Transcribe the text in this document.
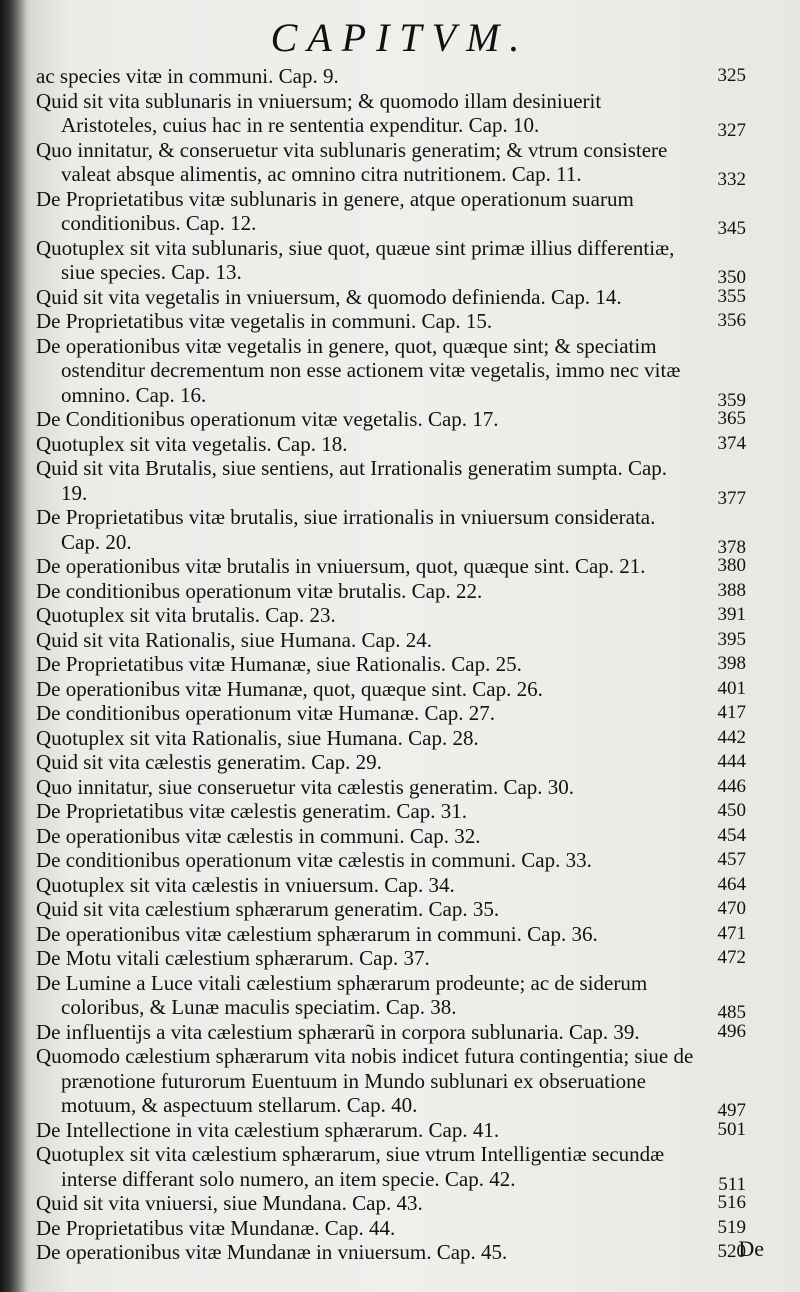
CAPITVM.
ac species vitæ in communi. Cap. 9.	325
Quid sit vita sublunaris in vniuersum; & quomodo illam desiniuerit Aristoteles, cuius hac in re sententia expenditur. Cap. 10.	327
Quo innitatur, & conseruetur vita sublunaris generatim; & vtrum consistere valeat absque alimentis, ac omnino citra nutritionem. Cap. 11.	332
De Proprietatibus vitæ sublunaris in genere, atque operationum suarum conditionibus. Cap. 12.	345
Quotuplex sit vita sublunaris, siue quot, quæue sint primæ illius differentiæ, siue species. Cap. 13.	350
Quid sit vita vegetalis in vniuersum, & quomodo definienda. Cap. 14.	355
De Proprietatibus vitæ vegetalis in communi. Cap. 15.	356
De operationibus vitæ vegetalis in genere, quot, quæque sint; & speciatim ostenditur decrementum non esse actionem vitæ vegetalis, immo nec vitæ omnino. Cap. 16.	359
De Conditionibus operationum vitæ vegetalis. Cap. 17.	365
Quotuplex sit vita vegetalis. Cap. 18.	374
Quid sit vita Brutalis, siue sentiens, aut Irrationalis generatim sumpta. Cap. 19.	377
De Proprietatibus vitæ brutalis, siue irrationalis in vniuersum considerata. Cap. 20.	378
De operationibus vitæ brutalis in vniuersum, quot, quæque sint. Cap. 21.	380
De conditionibus operationum vitæ brutalis. Cap. 22.	388
Quotuplex sit vita brutalis. Cap. 23.	391
Quid sit vita Rationalis, siue Humana. Cap. 24.	395
De Proprietatibus vitæ Humanæ, siue Rationalis. Cap. 25.	398
De operationibus vitæ Humanæ, quot, quæque sint. Cap. 26.	401
De conditionibus operationum vitæ Humanæ. Cap. 27.	417
Quotuplex sit vita Rationalis, siue Humana. Cap. 28.	442
Quid sit vita cælestis generatim. Cap. 29.	444
Quo innitatur, siue conseruetur vita cælestis generatim. Cap. 30.	446
De Proprietatibus vitæ cælestis generatim. Cap. 31.	450
De operationibus vitæ cælestis in communi. Cap. 32.	454
De conditionibus operationum vitæ cælestis in communi. Cap. 33.	457
Quotuplex sit vita cælestis in vniuersum. Cap. 34.	464
Quid sit vita cælestium sphærarum generatim. Cap. 35.	470
De operationibus vitæ cælestium sphærarum in communi. Cap. 36.	471
De Motu vitali cælestium sphærarum. Cap. 37.	472
De Lumine a Luce vitali cælestium sphærarum prodeunte; ac de siderum coloribus, & Lunæ maculis speciatim. Cap. 38.	485
De influentijs a vita cælestium sphærarũ in corpora sublunaria. Cap. 39.	496
Quomodo cælestium sphærarum vita nobis indicet futura contingentia; siue de prænotione futurorum Euentuum in Mundo sublunari ex obseruatione motuum, & aspectuum stellarum. Cap. 40.	497
De Intellectione in vita cælestium sphærarum. Cap. 41.	501
Quotuplex sit vita cælestium sphærarum, siue vtrum Intelligentiæ secundæ interse differant solo numero, an item specie. Cap. 42.	511
Quid sit vita vniuersi, siue Mundana. Cap. 43.	516
De Proprietatibus vitæ Mundanæ. Cap. 44.	519
De operationibus vitæ Mundanæ in vniuersum. Cap. 45.	520
De
